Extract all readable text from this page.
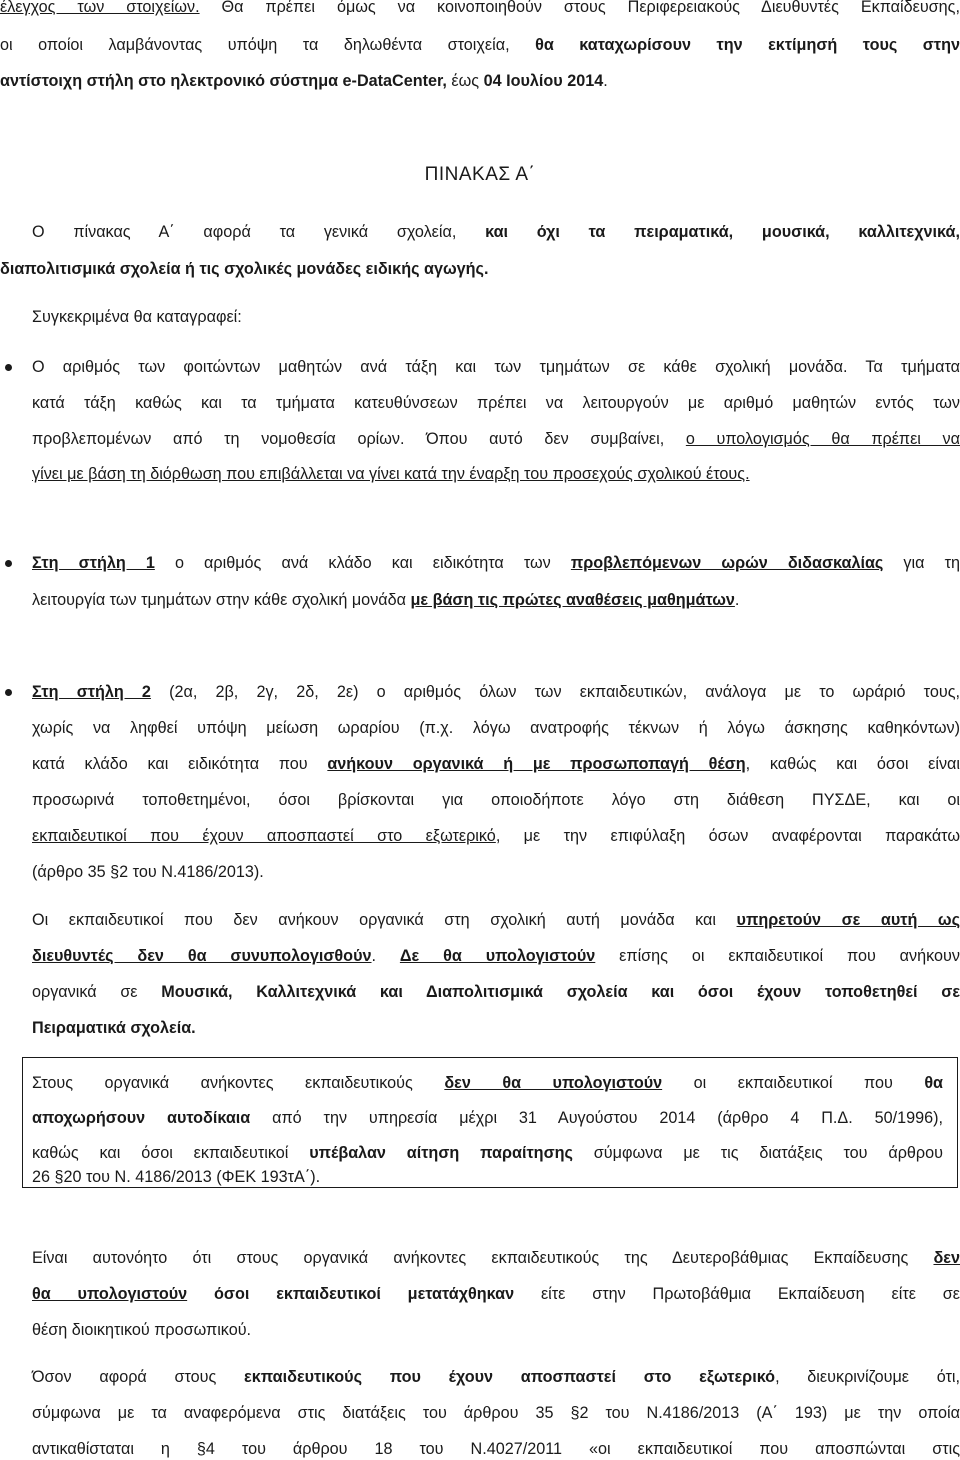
έλεγχος των στοιχείων. Θα πρέπει όμως να κοινοποιηθούν στους Περιφερειακούς Διευθυντές Εκπαίδευσης,
οι οποίοι λαμβάνοντας υπόψη τα δηλωθέντα στοιχεία, θα καταχωρίσουν την εκτίμησή τους στην
αντίστοιχη στήλη στο ηλεκτρονικό σύστημα e-DataCenter, έως 04 Ιουλίου 2014.
ΠΙΝΑΚΑΣ Α΄
Ο πίνακας Α΄ αφορά τα γενικά σχολεία, και όχι τα πειραματικά, μουσικά, καλλιτεχνικά,
διαπολιτισμικά σχολεία ή τις σχολικές μονάδες ειδικής αγωγής.
Συγκεκριμένα θα καταγραφεί:
Ο αριθμός των φοιτώντων μαθητών ανά τάξη και των τμημάτων σε κάθε σχολική μονάδα. Τα τμήματα
κατά τάξη καθώς και τα τμήματα κατευθύνσεων πρέπει να λειτουργούν με αριθμό μαθητών εντός των
προβλεπομένων από τη νομοθεσία ορίων. Όπου αυτό δεν συμβαίνει, ο υπολογισμός θα πρέπει να
γίνει με βάση τη διόρθωση που επιβάλλεται να γίνει κατά την έναρξη του προσεχούς σχολικού έτους.
Στη στήλη 1 ο αριθμός ανά κλάδο και ειδικότητα των προβλεπόμενων ωρών διδασκαλίας για τη
λειτουργία των τμημάτων στην κάθε σχολική μονάδα με βάση τις πρώτες αναθέσεις μαθημάτων.
Στη στήλη 2 (2α, 2β, 2γ, 2δ, 2ε) ο αριθμός όλων των εκπαιδευτικών, ανάλογα με το ωράριό τους,
χωρίς να ληφθεί υπόψη μείωση ωραρίου (π.χ. λόγω ανατροφής τέκνων ή λόγω άσκησης καθηκόντων)
κατά κλάδο και ειδικότητα που ανήκουν οργανικά ή με προσωποπαγή θέση, καθώς και όσοι είναι
προσωρινά τοποθετημένοι, όσοι βρίσκονται για οποιοδήποτε λόγο στη διάθεση ΠΥΣΔΕ, και οι
εκπαιδευτικοί που έχουν αποσπαστεί στο εξωτερικό, με την επιφύλαξη όσων αναφέρονται παρακάτω
(άρθρο 35 §2 του Ν.4186/2013).
Οι εκπαιδευτικοί που δεν ανήκουν οργανικά στη σχολική αυτή μονάδα και υπηρετούν σε αυτή ως
διευθυντές δεν θα συνυπολογισθούν. Δε θα υπολογιστούν επίσης οι εκπαιδευτικοί που ανήκουν
οργανικά σε Μουσικά, Καλλιτεχνικά και Διαπολιτισμικά σχολεία και όσοι έχουν τοποθετηθεί σε
Πειραματικά σχολεία.
Στους οργανικά ανήκοντες εκπαιδευτικούς δεν θα υπολογιστούν οι εκπαιδευτικοί που θα
αποχωρήσουν αυτοδίκαια από την υπηρεσία μέχρι 31 Αυγούστου 2014 (άρθρο 4 Π.Δ. 50/1996),
καθώς και όσοι εκπαιδευτικοί υπέβαλαν αίτηση παραίτησης σύμφωνα με τις διατάξεις του άρθρου
26 §20 του Ν. 4186/2013 (ΦΕΚ 193τΑ΄).
Είναι αυτονόητο ότι στους οργανικά ανήκοντες εκπαιδευτικούς της Δευτεροβάθμιας Εκπαίδευσης δεν
θα υπολογιστούν όσοι εκπαιδευτικοί μετατάχθηκαν είτε στην Πρωτοβάθμια Εκπαίδευση είτε σε
θέση διοικητικού προσωπικού.
Όσον αφορά στους εκπαιδευτικούς που έχουν αποσπαστεί στο εξωτερικό, διευκρινίζουμε ότι,
σύμφωνα με τα αναφερόμενα στις διατάξεις του άρθρου 35 §2 του Ν.4186/2013 (Α΄ 193) με την οποία
αντικαθίσταται η §4 του άρθρου 18 του Ν.4027/2011 «οι εκπαιδευτικοί που αποσπώνται στις
